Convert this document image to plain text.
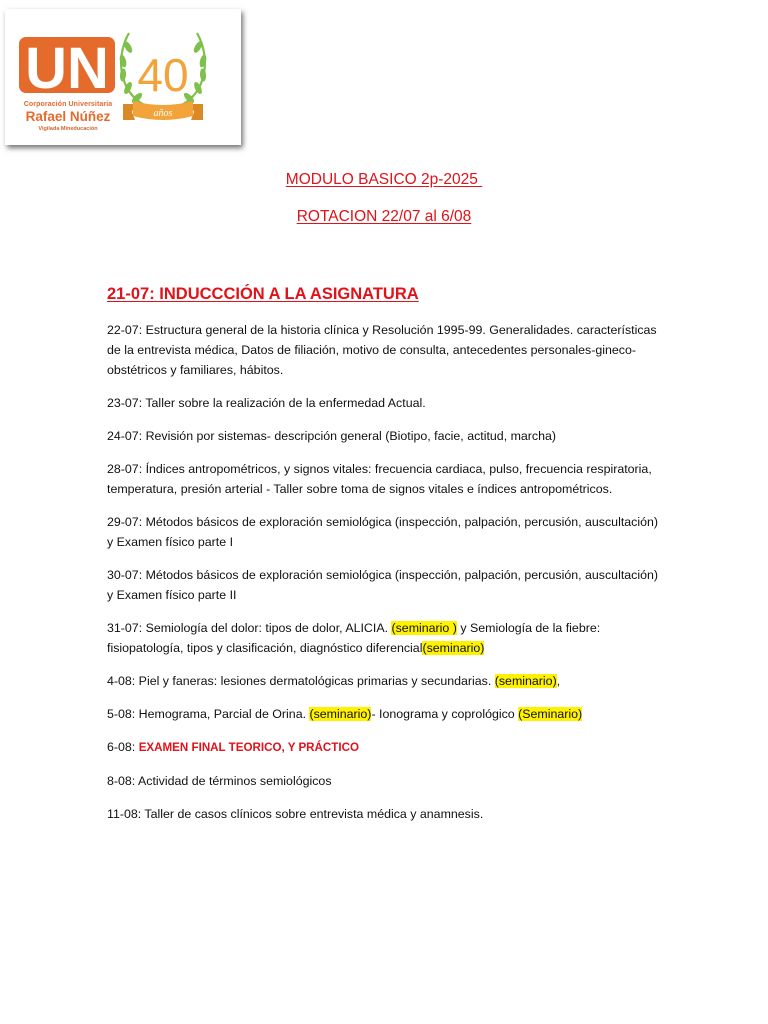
UN 40
años
Corporación Universitaria
Rafael Núñez
Vigilada Mineducación
MODULO BASICO 2p-2025
ROTACION 22/07 al 6/08
21-07: INDUCCCIÓN A LA ASIGNATURA

22-07: Estructura general de la historia clínica y Resolución 1995-99. Generalidades. características de la entrevista médica, Datos de filiación, motivo de consulta, antecedentes personales-gineco-obstétricos y familiares, hábitos.

23-07: Taller sobre la realización de la enfermedad Actual.

24-07: Revisión por sistemas- descripción general (Biotipo, facie, actitud, marcha)

28-07: Índices antropométricos, y signos vitales: frecuencia cardiaca, pulso, frecuencia respiratoria, temperatura, presión arterial - Taller sobre toma de signos vitales e índices antropométricos.

29-07: Métodos básicos de exploración semiológica (inspección, palpación, percusión, auscultación) y Examen físico parte I

30-07: Métodos básicos de exploración semiológica (inspección, palpación, percusión, auscultación) y Examen físico parte II

31-07: Semiología del dolor: tipos de dolor, ALICIA. (seminario ) y Semiología de la fiebre: fisiopatología, tipos y clasificación, diagnóstico diferencial(seminario)

4-08: Piel y faneras: lesiones dermatológicas primarias y secundarias. (seminario),

5-08: Hemograma, Parcial de Orina. (seminario)- Ionograma y coprológico (Seminario)

6-08: EXAMEN FINAL TEORICO, Y PRÁCTICO

8-08: Actividad de términos semiológicos

11-08: Taller de casos clínicos sobre entrevista médica y anamnesis.
